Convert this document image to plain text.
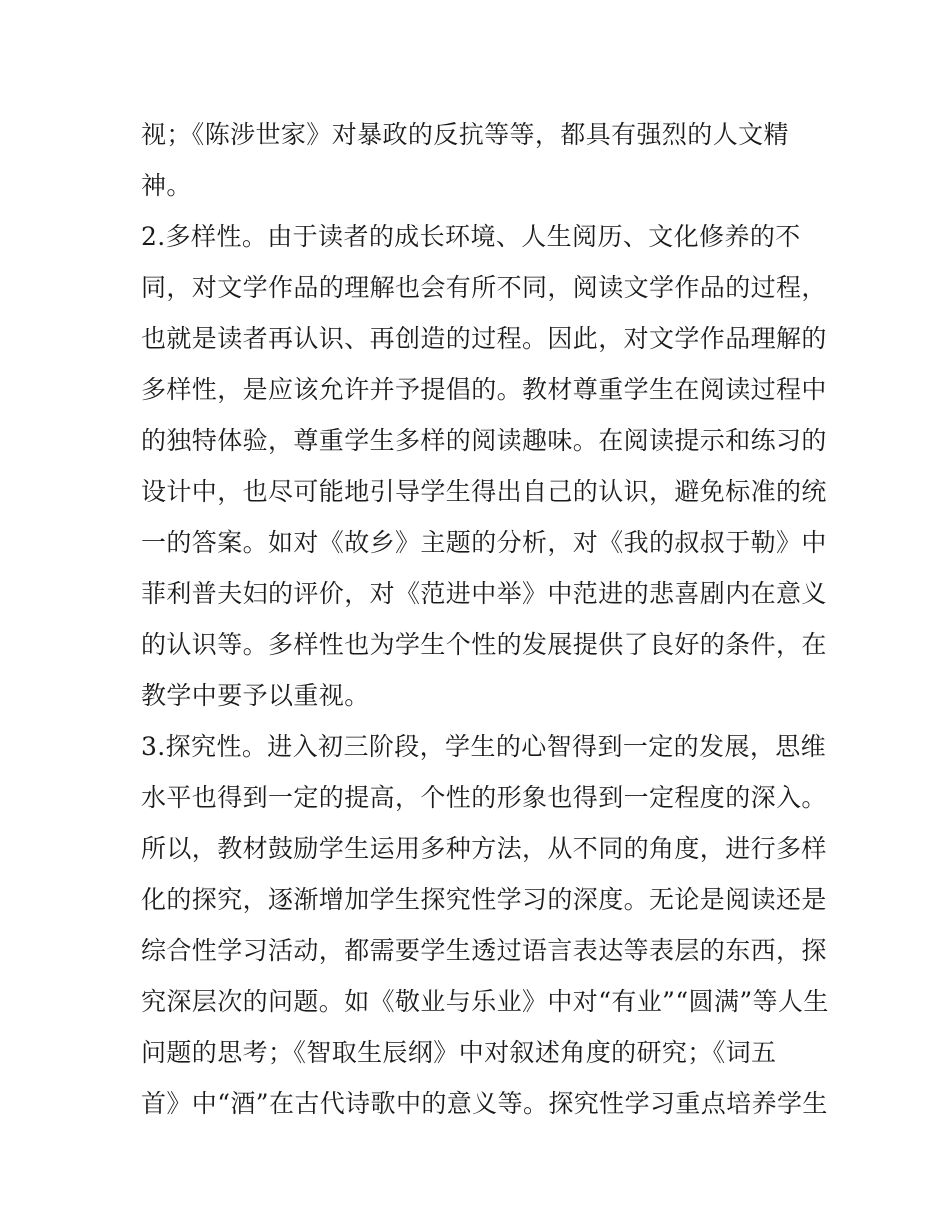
视；《陈涉世家》对暴政的反抗等等，都具有强烈的人文精
神。
2.多样性。由于读者的成长环境、人生阅历、文化修养的不
同，对文学作品的理解也会有所不同，阅读文学作品的过程，
也就是读者再认识、再创造的过程。因此，对文学作品理解的
多样性，是应该允许并予提倡的。教材尊重学生在阅读过程中
的独特体验，尊重学生多样的阅读趣味。在阅读提示和练习的
设计中，也尽可能地引导学生得出自己的认识，避免标准的统
一的答案。如对《故乡》主题的分析，对《我的叔叔于勒》中
菲利普夫妇的评价，对《范进中举》中范进的悲喜剧内在意义
的认识等。多样性也为学生个性的发展提供了良好的条件，在
教学中要予以重视。
3.探究性。进入初三阶段，学生的心智得到一定的发展，思维
水平也得到一定的提高，个性的形象也得到一定程度的深入。
所以，教材鼓励学生运用多种方法，从不同的角度，进行多样
化的探究，逐渐增加学生探究性学习的深度。无论是阅读还是
综合性学习活动，都需要学生透过语言表达等表层的东西，探
究深层次的问题。如《敬业与乐业》中对“有业”“圆满”等人生
问题的思考；《智取生辰纲》中对叙述角度的研究；《词五
首》中“酒”在古代诗歌中的意义等。探究性学习重点培养学生
